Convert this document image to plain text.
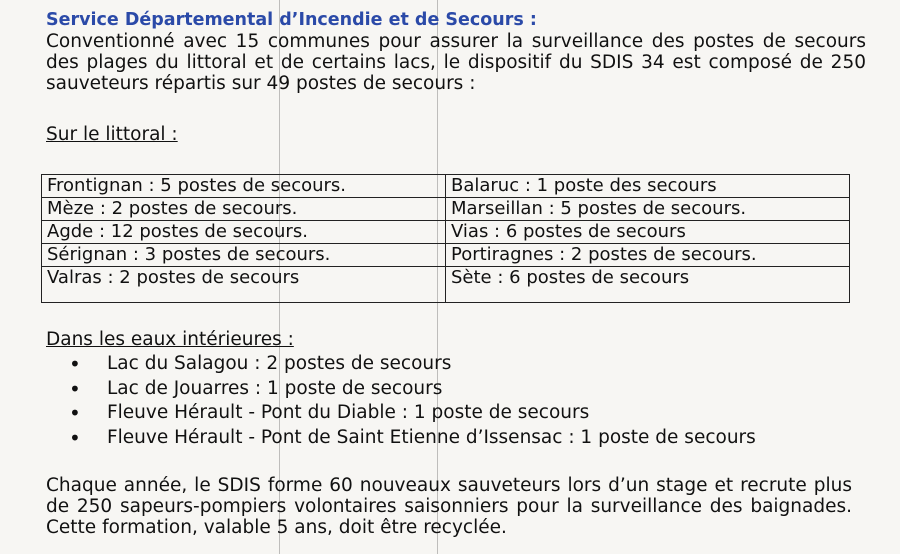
Service Départemental d’Incendie et de Secours :

Conventionné avec 15 communes pour assurer la surveillance des postes de secours des plages du littoral et de certains lacs, le dispositif du SDIS 34 est composé de 250 sauveteurs répartis sur 49 postes de secours :

Sur le littoral :

Frontignan : 5 postes de secours.	Balaruc : 1 poste des secours
Mèze : 2 postes de secours.	Marseillan : 5 postes de secours.
Agde : 12 postes de secours.	Vias : 6 postes de secours
Sérignan : 3 postes de secours.	Portiragnes : 2 postes de secours.
Valras : 2 postes de secours	Sète : 6 postes de secours

Dans les eaux intérieures :

• Lac du Salagou : 2 postes de secours
• Lac de Jouarres : 1 poste de secours
• Fleuve Hérault - Pont du Diable : 1 poste de secours
• Fleuve Hérault - Pont de Saint Etienne d’Issensac : 1 poste de secours

Chaque année, le SDIS forme 60 nouveaux sauveteurs lors d’un stage et recrute plus de 250 sapeurs-pompiers volontaires saisonniers pour la surveillance des baignades. Cette formation, valable 5 ans, doit être recyclée.
